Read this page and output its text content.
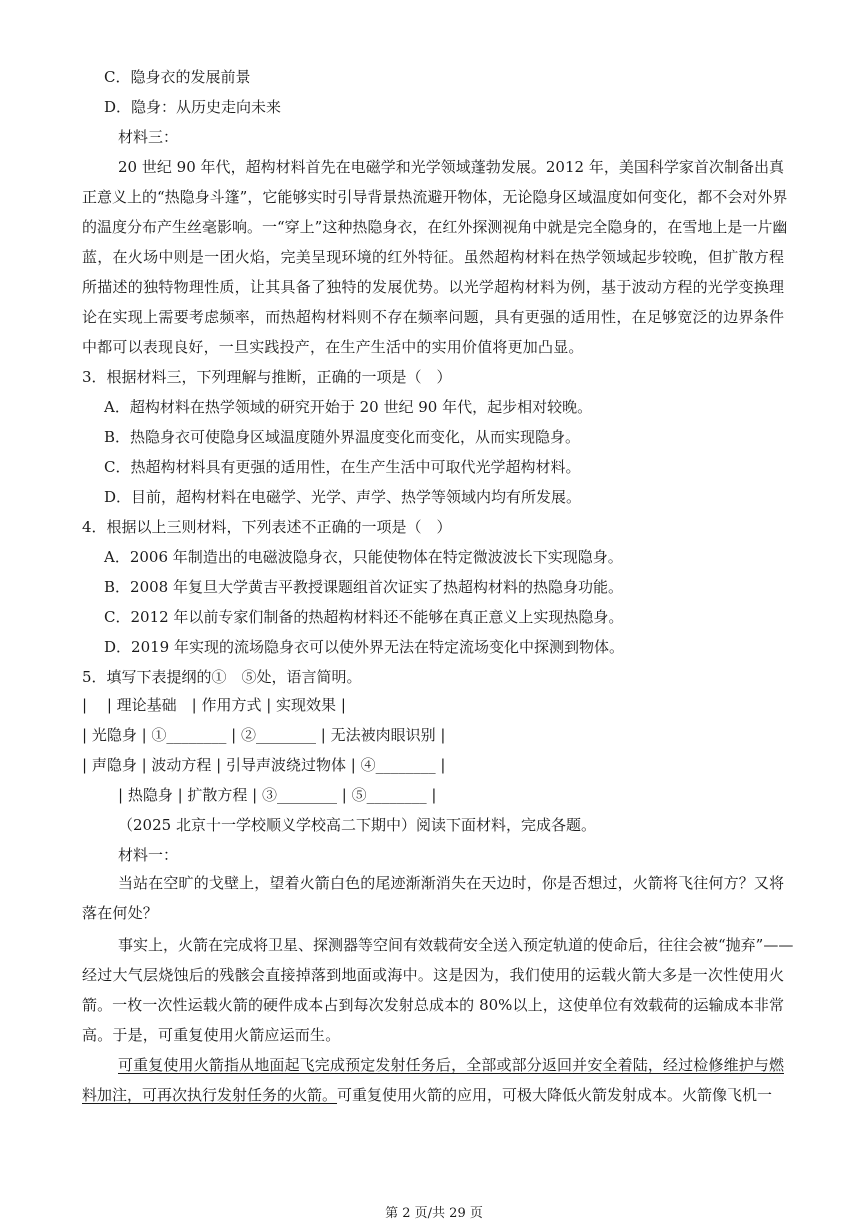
C．隐身衣的发展前景
D．隐身：从历史走向未来
材料三：
20 世纪 90 年代，超构材料首先在电磁学和光学领域蓬勃发展。2012 年，美国科学家首次制备出真
正意义上的“热隐身斗篷”，它能够实时引导背景热流避开物体，无论隐身区域温度如何变化，都不会对外界
的温度分布产生丝毫影响。一“穿上”这种热隐身衣，在红外探测视角中就是完全隐身的，在雪地上是一片幽
蓝，在火场中则是一团火焰，完美呈现环境的红外特征。虽然超构材料在热学领域起步较晚，但扩散方程
所描述的独特物理性质，让其具备了独特的发展优势。以光学超构材料为例，基于波动方程的光学变换理
论在实现上需要考虑频率，而热超构材料则不存在频率问题，具有更强的适用性，在足够宽泛的边界条件
中都可以表现良好，一旦实践投产，在生产生活中的实用价值将更加凸显。
3．根据材料三，下列理解与推断，正确的一项是（　）
A．超构材料在热学领域的研究开始于 20 世纪 90 年代，起步相对较晚。
B．热隐身衣可使隐身区域温度随外界温度变化而变化，从而实现隐身。
C．热超构材料具有更强的适用性，在生产生活中可取代光学超构材料。
D．目前，超构材料在电磁学、光学、声学、热学等领域内均有所发展。
4．根据以上三则材料，下列表述不正确的一项是（　）
A．2006 年制造出的电磁波隐身衣，只能使物体在特定微波波长下实现隐身。
B．2008 年复旦大学黄吉平教授课题组首次证实了热超构材料的热隐身功能。
C．2012 年以前专家们制备的热超构材料还不能够在真正意义上实现热隐身。
D．2019 年实现的流场隐身衣可以使外界无法在特定流场变化中探测到物体。
5．填写下表提纲的①　⑤处，语言简明。
|　 | 理论基础　| 作用方式 | 实现效果 |
| 光隐身 | ①________ | ②________ | 无法被肉眼识别 |
| 声隐身 | 波动方程 | 引导声波绕过物体 | ④________ |
| 热隐身 | 扩散方程 | ③________ | ⑤________ |
（2025 北京十一学校顺义学校高二下期中）阅读下面材料，完成各题。
材料一：
当站在空旷的戈壁上，望着火箭白色的尾迹渐渐消失在天边时，你是否想过，火箭将飞往何方？又将
落在何处？
事实上，火箭在完成将卫星、探测器等空间有效载荷安全送入预定轨道的使命后，往往会被“抛弃”——
经过大气层烧蚀后的残骸会直接掉落到地面或海中。这是因为，我们使用的运载火箭大多是一次性使用火
箭。一枚一次性运载火箭的硬件成本占到每次发射总成本的 80%以上，这使单位有效载荷的运输成本非常
高。于是，可重复使用火箭应运而生。
可重复使用火箭指从地面起飞完成预定发射任务后，全部或部分返回并安全着陆，经过检修维护与燃
料加注，可再次执行发射任务的火箭。可重复使用火箭的应用，可极大降低火箭发射成本。火箭像飞机一
第 2 页/共 29 页
